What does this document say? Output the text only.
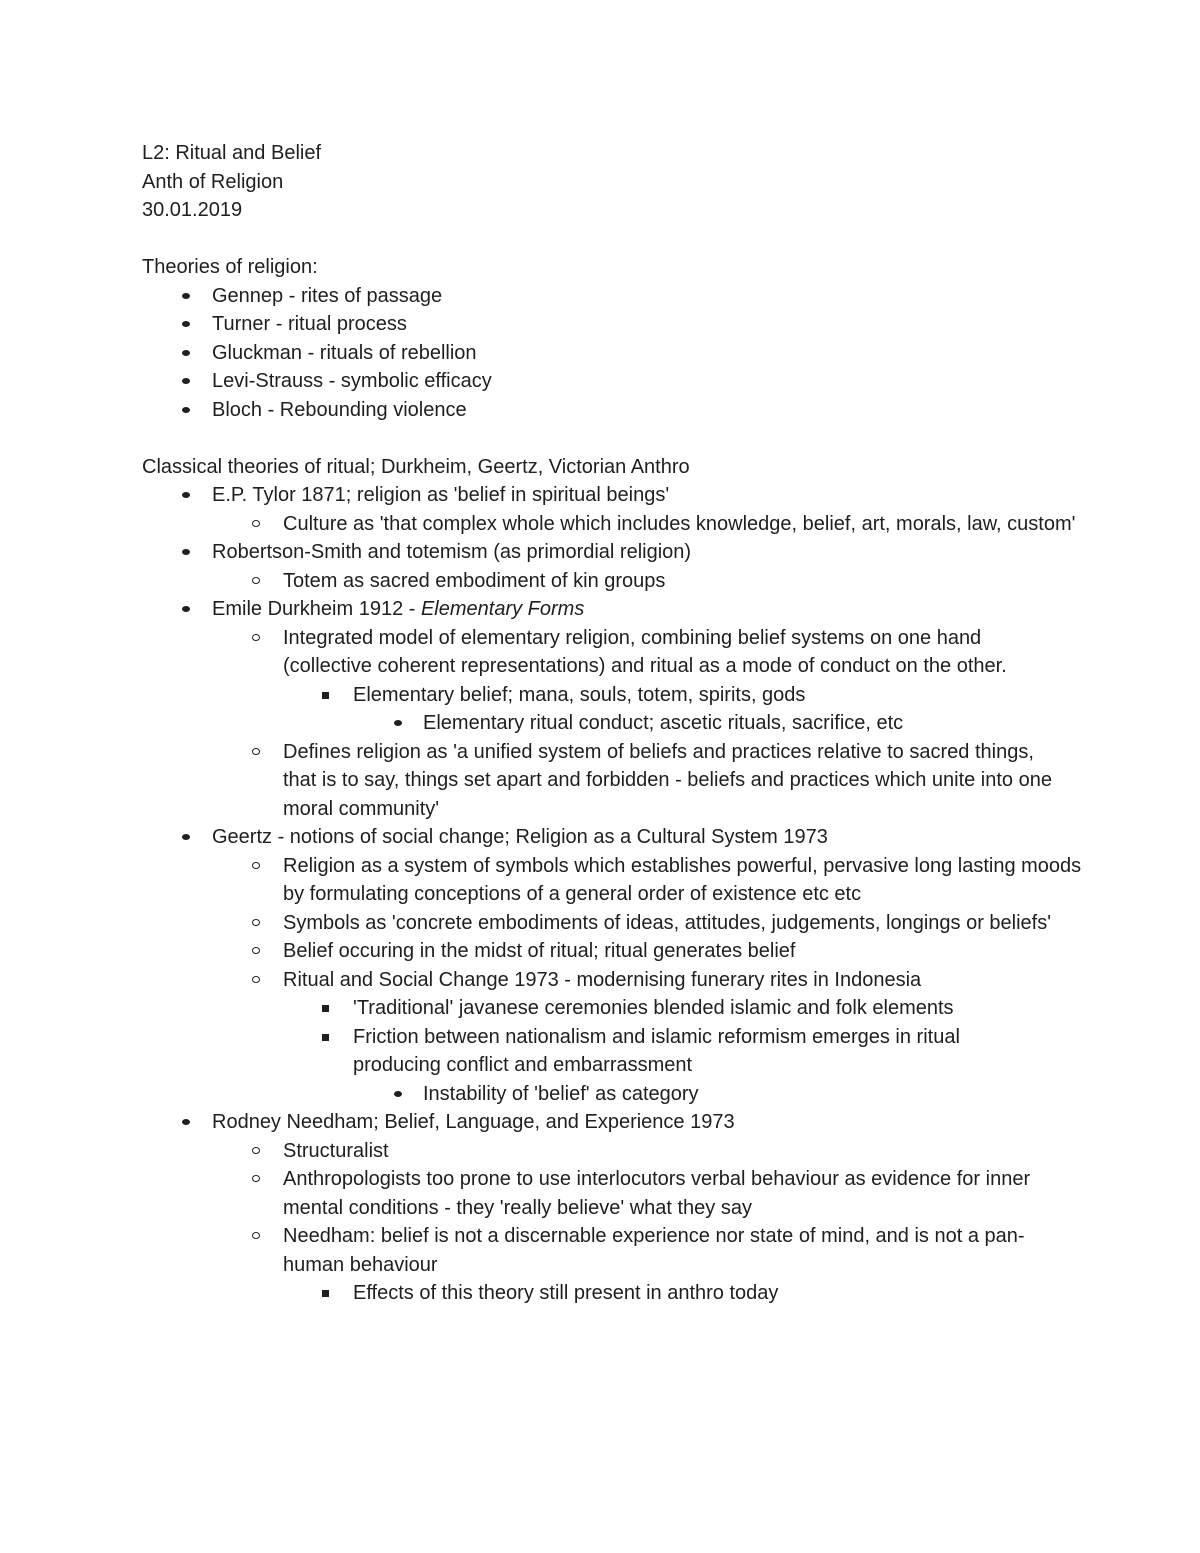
L2: Ritual and Belief
Anth of Religion
30.01.2019
Theories of religion:
Gennep - rites of passage
Turner - ritual process
Gluckman - rituals of rebellion
Levi-Strauss - symbolic efficacy
Bloch - Rebounding violence
Classical theories of ritual; Durkheim, Geertz, Victorian Anthro
E.P. Tylor 1871; religion as 'belief in spiritual beings'
Culture as 'that complex whole which includes knowledge, belief, art, morals, law, custom'
Robertson-Smith and totemism (as primordial religion)
Totem as sacred embodiment of kin groups
Emile Durkheim 1912 - Elementary Forms
Integrated model of elementary religion, combining belief systems on one hand (collective coherent representations) and ritual as a mode of conduct on the other.
Elementary belief; mana, souls, totem, spirits, gods
Elementary ritual conduct; ascetic rituals, sacrifice, etc
Defines religion as 'a unified system of beliefs and practices relative to sacred things, that is to say, things set apart and forbidden - beliefs and practices which unite into one moral community'
Geertz - notions of social change; Religion as a Cultural System 1973
Religion as a system of symbols which establishes powerful, pervasive long lasting moods by formulating conceptions of a general order of existence etc etc
Symbols as 'concrete embodiments of ideas, attitudes, judgements, longings or beliefs'
Belief occuring in the midst of ritual; ritual generates belief
Ritual and Social Change 1973 - modernising funerary rites in Indonesia
'Traditional' javanese ceremonies blended islamic and folk elements
Friction between nationalism and islamic reformism emerges in ritual producing conflict and embarrassment
Instability of 'belief' as category
Rodney Needham; Belief, Language, and Experience 1973
Structuralist
Anthropologists too prone to use interlocutors verbal behaviour as evidence for inner mental conditions - they 'really believe' what they say
Needham: belief is not a discernable experience nor state of mind, and is not a pan-human behaviour
Effects of this theory still present in anthro today
